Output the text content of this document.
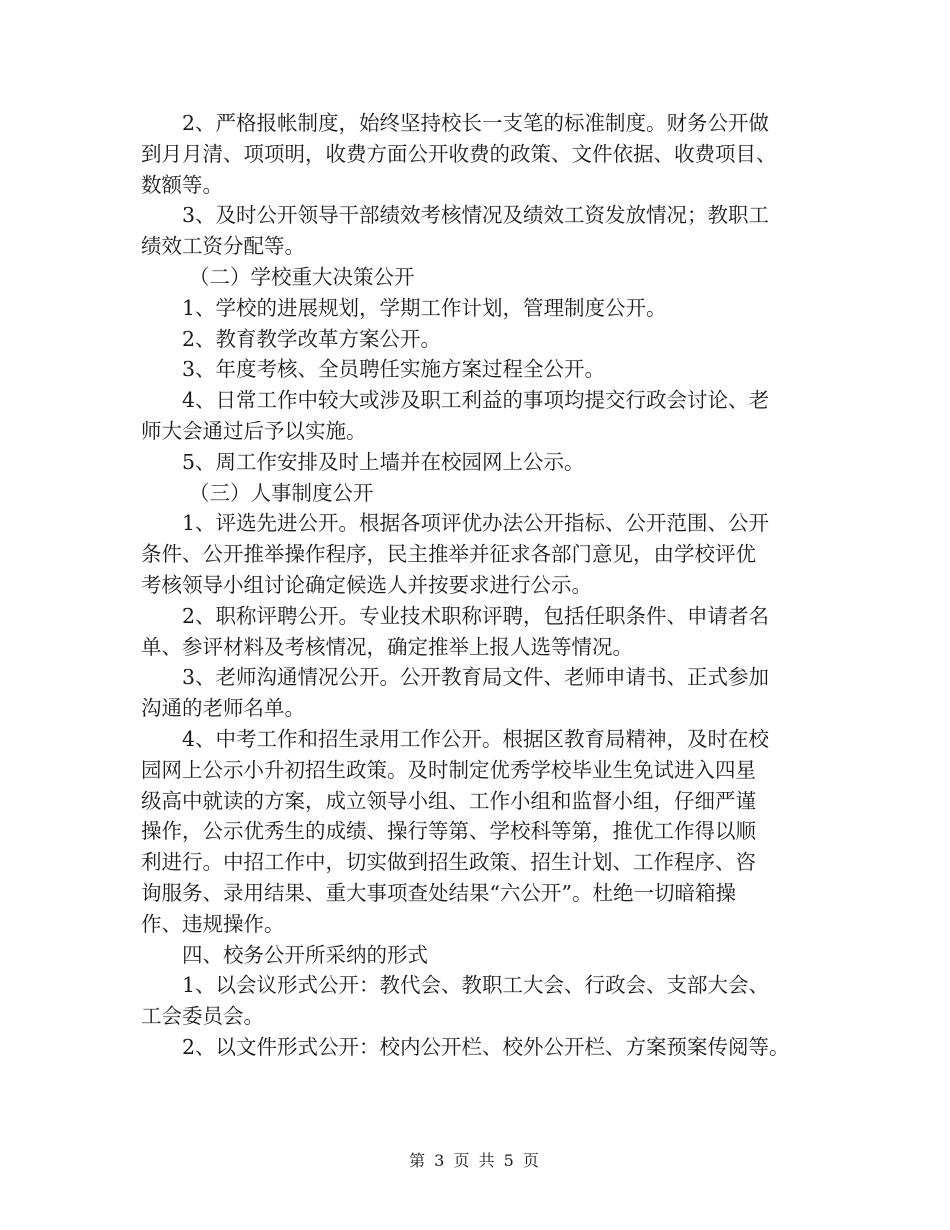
2、严格报帐制度，始终坚持校长一支笔的标准制度。财务公开做
到月月清、项项明，收费方面公开收费的政策、文件依据、收费项目、
数额等。

3、及时公开领导干部绩效考核情况及绩效工资发放情况；教职工
绩效工资分配等。

（二）学校重大决策公开

1、学校的进展规划，学期工作计划，管理制度公开。

2、教育教学改革方案公开。

3、年度考核、全员聘任实施方案过程全公开。

4、日常工作中较大或涉及职工利益的事项均提交行政会讨论、老
师大会通过后予以实施。

5、周工作安排及时上墙并在校园网上公示。

（三）人事制度公开

1、评选先进公开。根据各项评优办法公开指标、公开范围、公开
条件、公开推举操作程序，民主推举并征求各部门意见，由学校评优
考核领导小组讨论确定候选人并按要求进行公示。

2、职称评聘公开。专业技术职称评聘，包括任职条件、申请者名
单、参评材料及考核情况，确定推举上报人选等情况。

3、老师沟通情况公开。公开教育局文件、老师申请书、正式参加
沟通的老师名单。

4、中考工作和招生录用工作公开。根据区教育局精神，及时在校
园网上公示小升初招生政策。及时制定优秀学校毕业生免试进入四星
级高中就读的方案，成立领导小组、工作小组和监督小组，仔细严谨
操作，公示优秀生的成绩、操行等第、学校科等第，推优工作得以顺
利进行。中招工作中，切实做到招生政策、招生计划、工作程序、咨
询服务、录用结果、重大事项查处结果“六公开”。杜绝一切暗箱操
作、违规操作。

四、校务公开所采纳的形式

1、以会议形式公开：教代会、教职工大会、行政会、支部大会、
工会委员会。

2、以文件形式公开：校内公开栏、校外公开栏、方案预案传阅等。

第 3 页 共 5 页
